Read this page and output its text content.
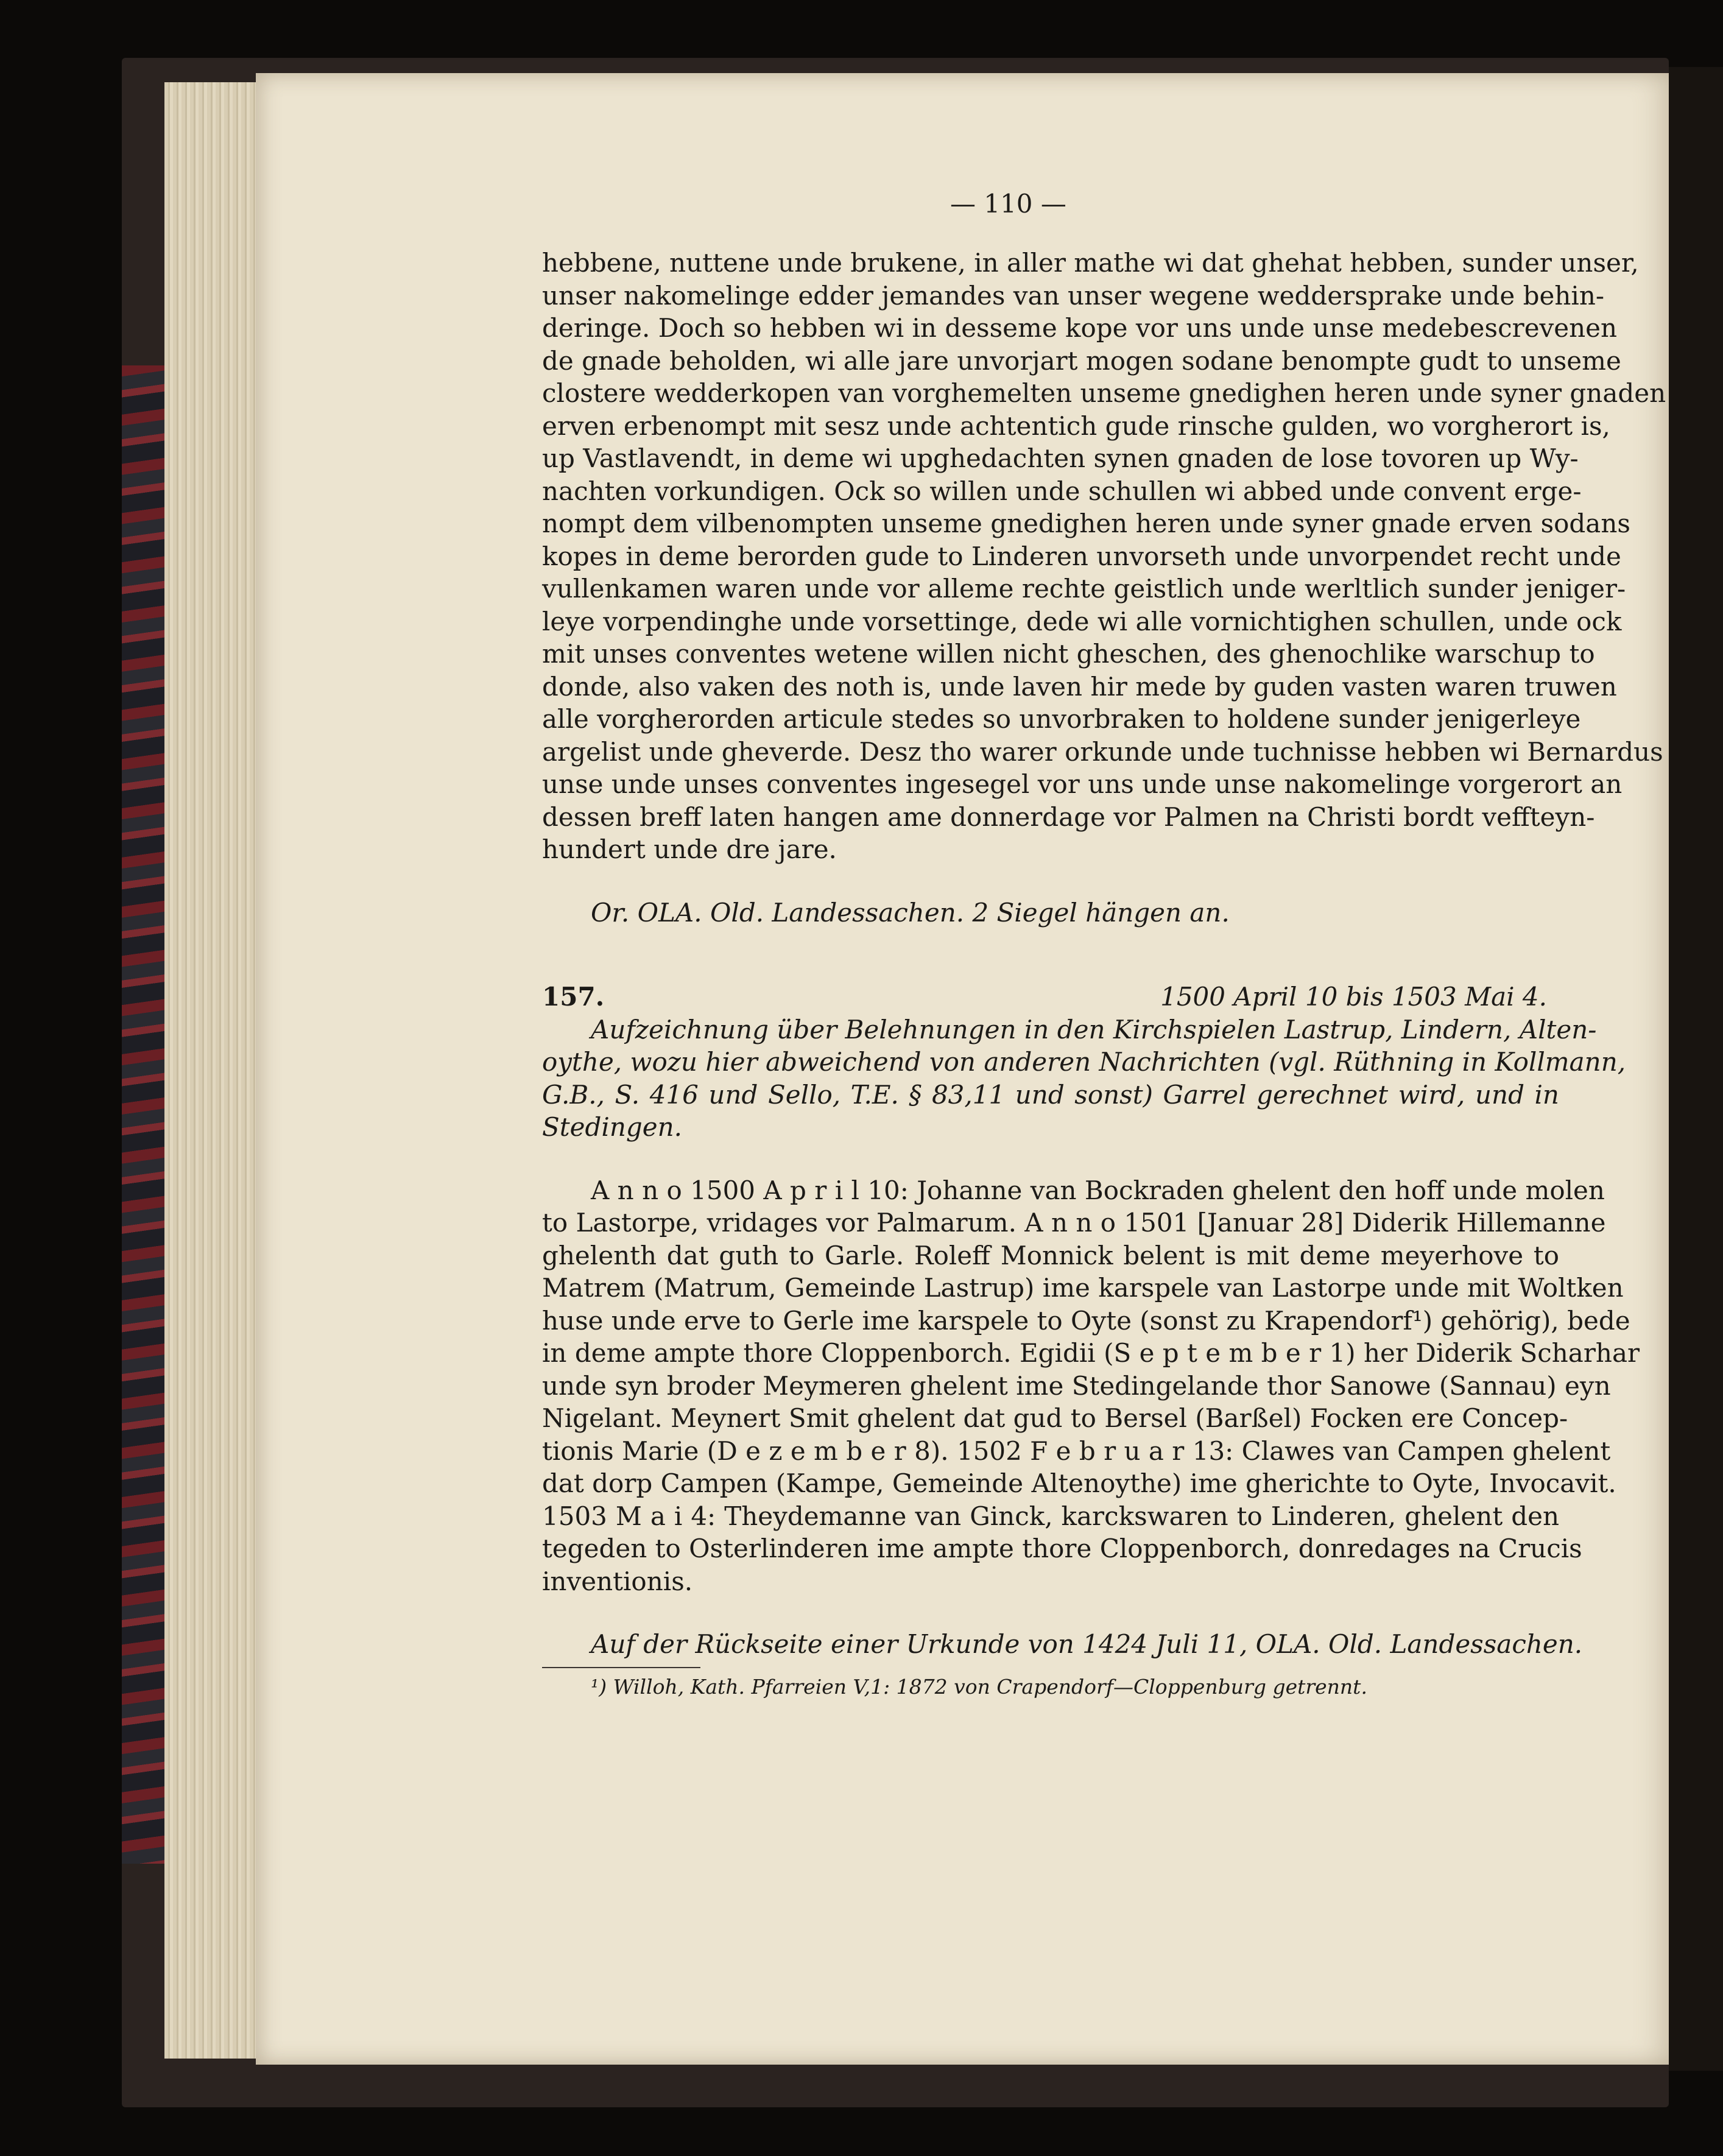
— 110 —
hebbene, nuttene unde brukene, in aller mathe wi dat ghehat hebben, sunder unser,
unser nakomelinge edder jemandes van unser wegene weddersprake unde behin-
deringe. Doch so hebben wi in desseme kope vor uns unde unse medebescrevenen
de gnade beholden, wi alle jare unvorjart mogen sodane benompte gudt to unseme
clostere wedderkopen van vorghemelten unseme gnedighen heren unde syner gnaden
erven erbenompt mit sesz unde achtentich gude rinsche gulden, wo vorgherort is,
up Vastlavendt, in deme wi upghedachten synen gnaden de lose tovoren up Wy-
nachten vorkundigen. Ock so willen unde schullen wi abbed unde convent erge-
nompt dem vilbenompten unseme gnedighen heren unde syner gnade erven sodans
kopes in deme berorden gude to Linderen unvorseth unde unvorpendet recht unde
vullenkamen waren unde vor alleme rechte geistlich unde werltlich sunder jeniger-
leye vorpendinghe unde vorsettinge, dede wi alle vornichtighen schullen, unde ock
mit unses conventes wetene willen nicht gheschen, des ghenochlike warschup to
donde, also vaken des noth is, unde laven hir mede by guden vasten waren truwen
alle vorgherorden articule stedes so unvorbraken to holdene sunder jenigerleye
argelist unde gheverde. Desz tho warer orkunde unde tuchnisse hebben wi Bernardus
unse unde unses conventes ingesegel vor uns unde unse nakomelinge vorgerort an
dessen breff laten hangen ame donnerdage vor Palmen na Christi bordt veffteyn-
hundert unde dre jare.
Or. OLA. Old. Landessachen. 2 Siegel hängen an.
157.	1500 April 10 bis 1503 Mai 4.
Aufzeichnung über Belehnungen in den Kirchspielen Lastrup, Lindern, Alten-
oythe, wozu hier abweichend von anderen Nachrichten (vgl. Rüthning in Kollmann,
G.B., S. 416 und Sello, T.E. § 83,11 und sonst) Garrel gerechnet wird, und in
Stedingen.
A n n o 1500 A p r i l 10: Johanne van Bockraden ghelent den hoff unde molen
to Lastorpe, vridages vor Palmarum. A n n o 1501 [Januar 28] Diderik Hillemanne
ghelenth dat guth to Garle. Roleff Monnick belent is mit deme meyerhove to
Matrem (Matrum, Gemeinde Lastrup) ime karspele van Lastorpe unde mit Woltken
huse unde erve to Gerle ime karspele to Oyte (sonst zu Krapendorf¹) gehörig), bede
in deme ampte thore Cloppenborch. Egidii (S e p t e m b e r 1) her Diderik Scharhar
unde syn broder Meymeren ghelent ime Stedingelande thor Sanowe (Sannau) eyn
Nigelant. Meynert Smit ghelent dat gud to Bersel (Barßel) Focken ere Concep-
tionis Marie (D e z e m b e r 8). 1502 F e b r u a r 13: Clawes van Campen ghelent
dat dorp Campen (Kampe, Gemeinde Altenoythe) ime gherichte to Oyte, Invocavit.
1503 M a i 4: Theydemanne van Ginck, karckswaren to Linderen, ghelent den
tegeden to Osterlinderen ime ampte thore Cloppenborch, donredages na Crucis
inventionis.
Auf der Rückseite einer Urkunde von 1424 Juli 11, OLA. Old. Landessachen.
¹) Willoh, Kath. Pfarreien V,1: 1872 von Crapendorf—Cloppenburg getrennt.
